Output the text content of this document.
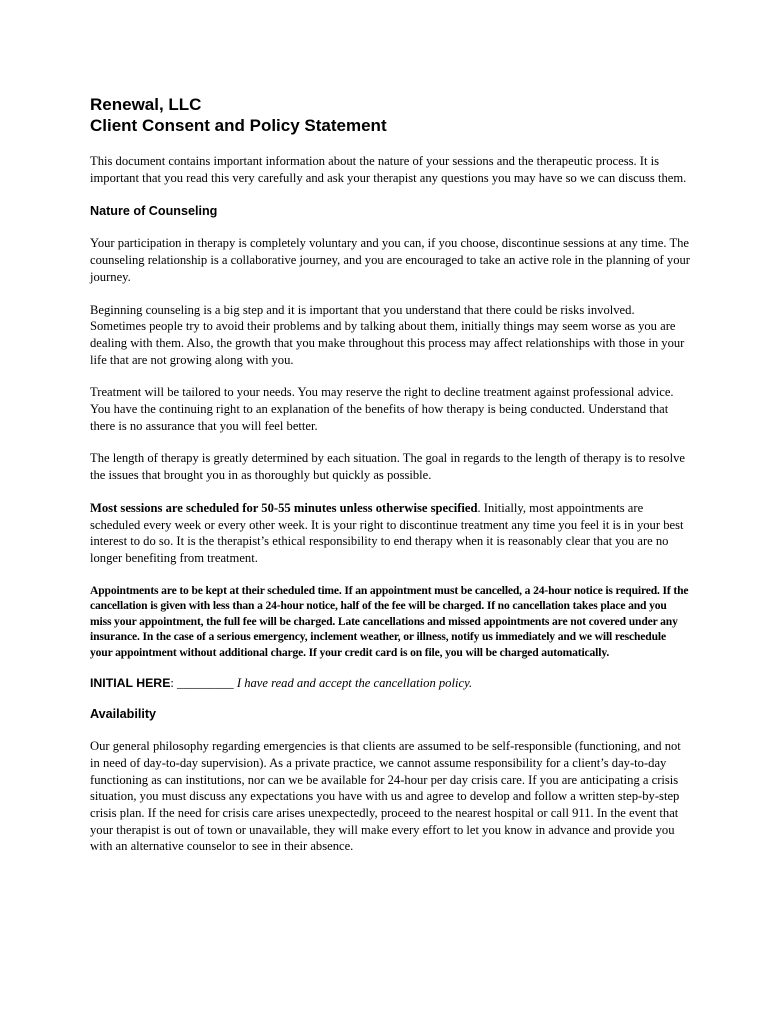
Renewal, LLC
Client Consent and Policy Statement

This document contains important information about the nature of your sessions and the therapeutic process. It is important that you read this very carefully and ask your therapist any questions you may have so we can discuss them.

Nature of Counseling

Your participation in therapy is completely voluntary and you can, if you choose, discontinue sessions at any time. The counseling relationship is a collaborative journey, and you are encouraged to take an active role in the planning of your journey.

Beginning counseling is a big step and it is important that you understand that there could be risks involved. Sometimes people try to avoid their problems and by talking about them, initially things may seem worse as you are dealing with them. Also, the growth that you make throughout this process may affect relationships with those in your life that are not growing along with you.

Treatment will be tailored to your needs. You may reserve the right to decline treatment against professional advice. You have the continuing right to an explanation of the benefits of how therapy is being conducted. Understand that there is no assurance that you will feel better.

The length of therapy is greatly determined by each situation. The goal in regards to the length of therapy is to resolve the issues that brought you in as thoroughly but quickly as possible.

Most sessions are scheduled for 50-55 minutes unless otherwise specified. Initially, most appointments are scheduled every week or every other week. It is your right to discontinue treatment any time you feel it is in your best interest to do so. It is the therapist’s ethical responsibility to end therapy when it is reasonably clear that you are no longer benefiting from treatment.

Appointments are to be kept at their scheduled time. If an appointment must be cancelled, a 24-hour notice is required. If the cancellation is given with less than a 24-hour notice, half of the fee will be charged. If no cancellation takes place and you miss your appointment, the full fee will be charged. Late cancellations and missed appointments are not covered under any insurance. In the case of a serious emergency, inclement weather, or illness, notify us immediately and we will reschedule your appointment without additional charge. If your credit card is on file, you will be charged automatically.

INITIAL HERE: _________ I have read and accept the cancellation policy.

Availability

Our general philosophy regarding emergencies is that clients are assumed to be self-responsible (functioning, and not in need of day-to-day supervision). As a private practice, we cannot assume responsibility for a client’s day-to-day functioning as can institutions, nor can we be available for 24-hour per day crisis care. If you are anticipating a crisis situation, you must discuss any expectations you have with us and agree to develop and follow a written step-by-step crisis plan. If the need for crisis care arises unexpectedly, proceed to the nearest hospital or call 911. In the event that your therapist is out of town or unavailable, they will make every effort to let you know in advance and provide you with an alternative counselor to see in their absence.
